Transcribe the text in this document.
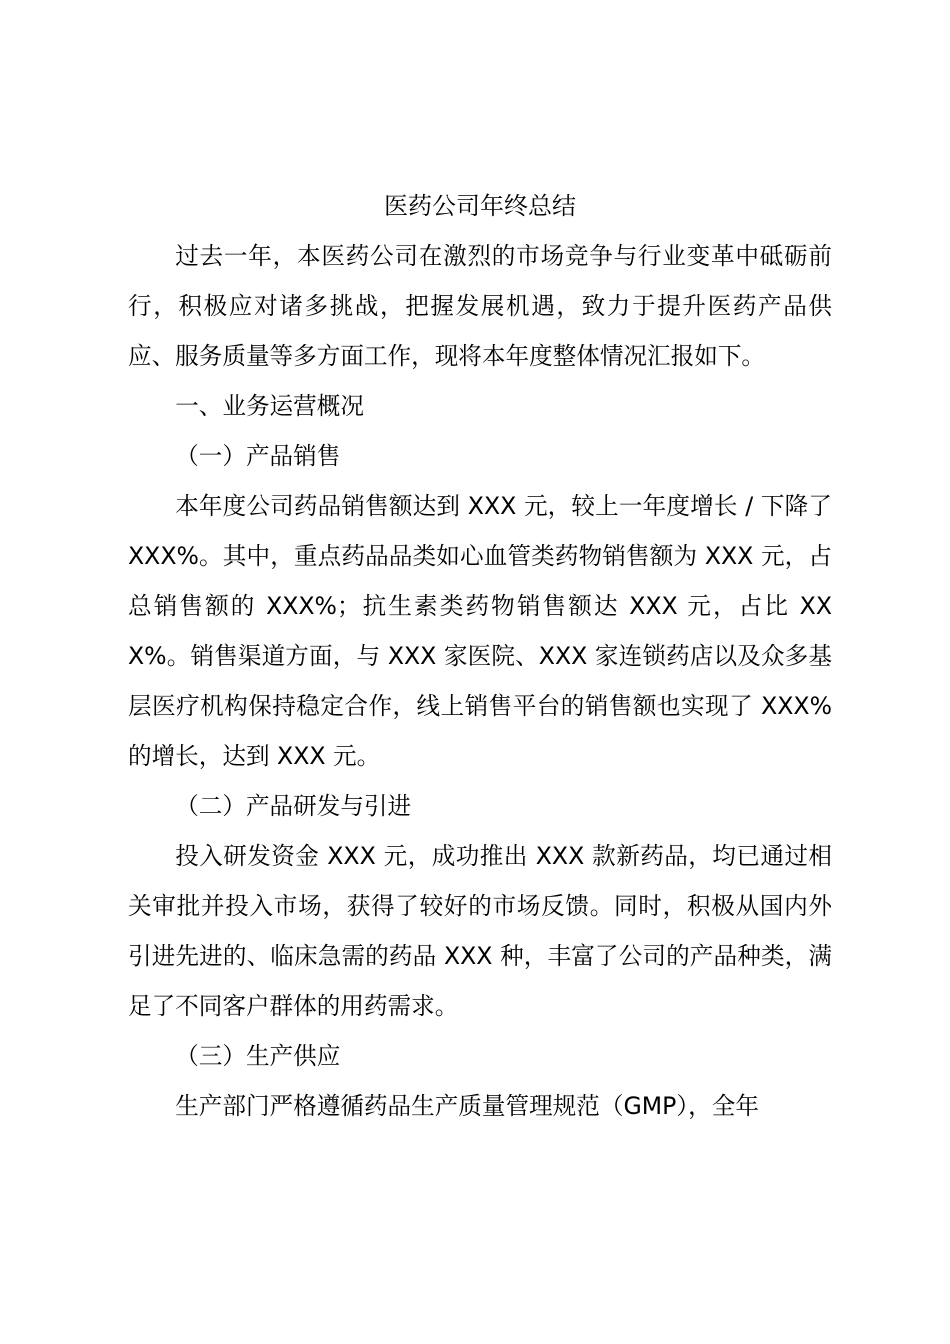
医药公司年终总结

过去一年，本医药公司在激烈的市场竞争与行业变革中砥砺前行，积极应对诸多挑战，把握发展机遇，致力于提升医药产品供应、服务质量等多方面工作，现将本年度整体情况汇报如下。

一、业务运营概况

（一）产品销售

本年度公司药品销售额达到 XXX 元，较上一年度增长 / 下降了 XXX%。其中，重点药品品类如心血管类药物销售额为 XXX 元，占总销售额的 XXX%；抗生素类药物销售额达 XXX 元，占比 XXX%。销售渠道方面，与 XXX 家医院、XXX 家连锁药店以及众多基层医疗机构保持稳定合作，线上销售平台的销售额也实现了 XXX%的增长，达到 XXX 元。

（二）产品研发与引进

投入研发资金 XXX 元，成功推出 XXX 款新药品，均已通过相关审批并投入市场，获得了较好的市场反馈。同时，积极从国内外引进先进的、临床急需的药品 XXX 种，丰富了公司的产品种类，满足了不同客户群体的用药需求。

（三）生产供应

生产部门严格遵循药品生产质量管理规范（GMP），全年
